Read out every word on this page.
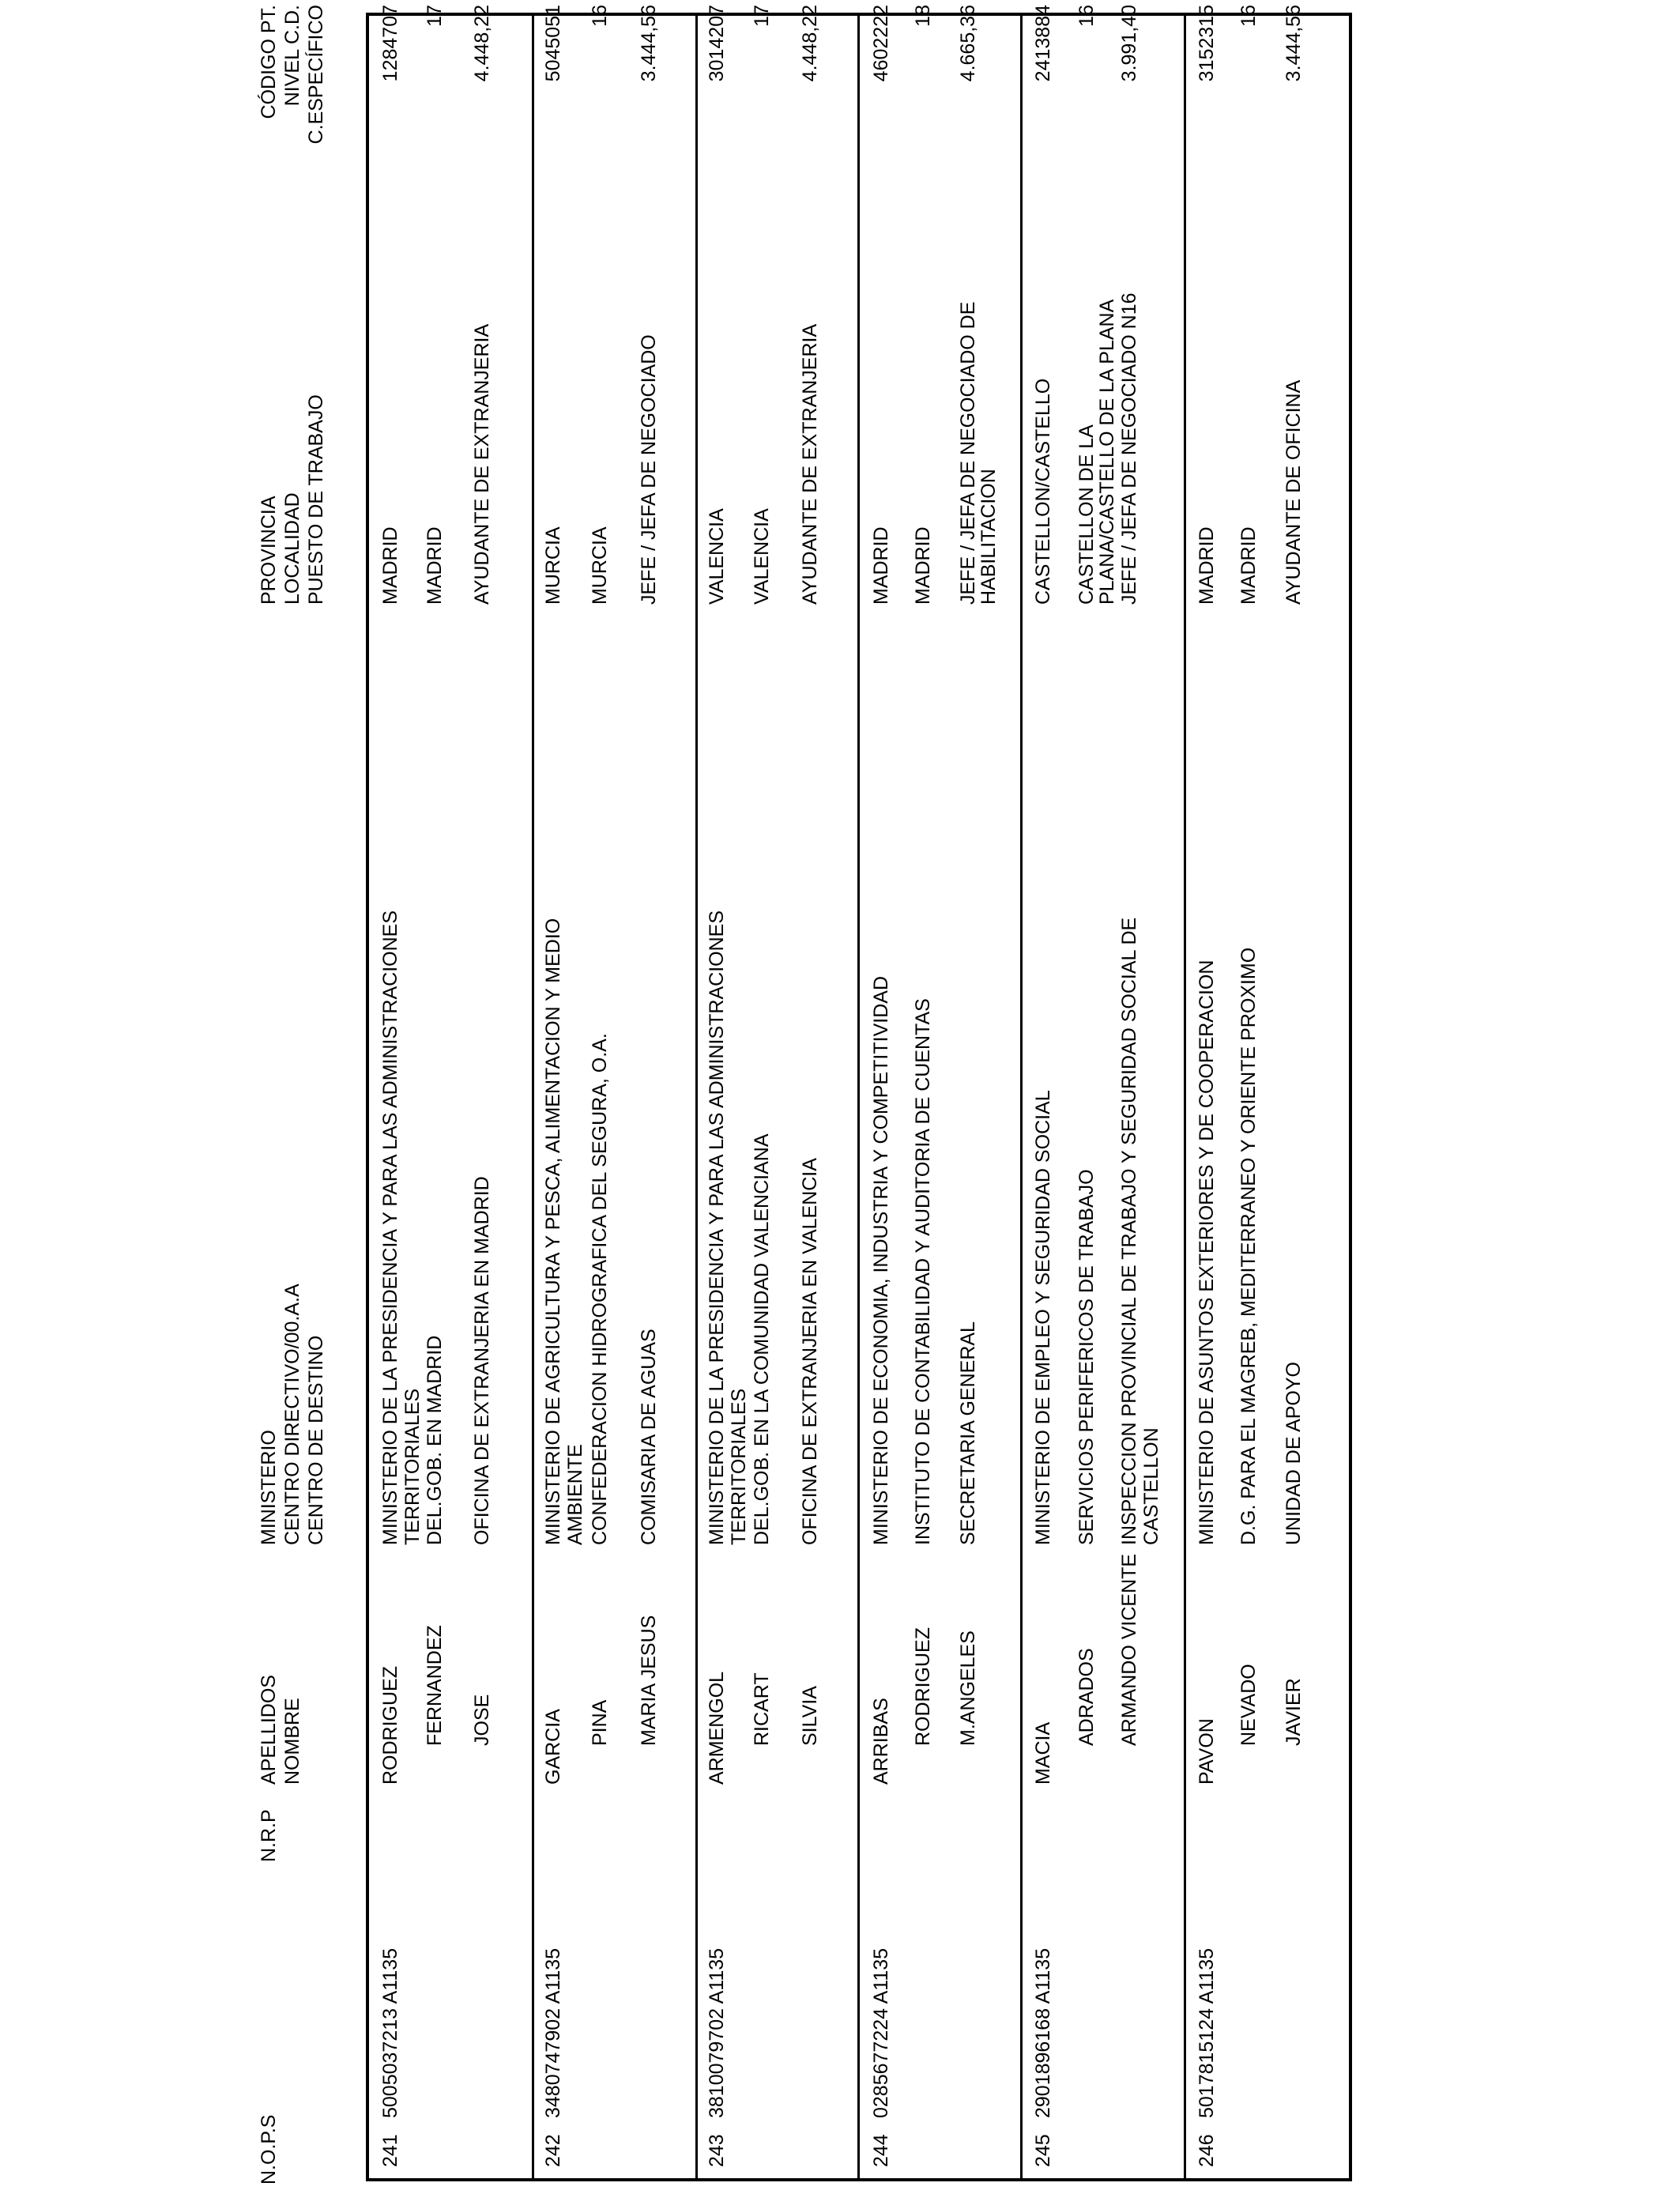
N.O.P.S
N.R.P
APELLIDOS NOMBRE
MINISTERIO CENTRO DIRECTIVO/00.A.A CENTRO DE DESTINO
PROVINCIA LOCALIDAD PUESTO DE TRABAJO
CÓDIGO PT. NIVEL C.D. C.ESPECÍFICO
241
5005037213 A1135
RODRIGUEZ FERNANDEZ JOSE
MINISTERIO DE LA PRESIDENCIA Y PARA LAS ADMINISTRACIONES TERRITORIALES DEL.GOB. EN MADRID OFICINA DE EXTRANJERIA EN MADRID
MADRID MADRID AYUDANTE DE EXTRANJERIA
1284707 17 4.448,22
242
3480747902 A1135
GARCIA PINA MARIA JESUS
MINISTERIO DE AGRICULTURA Y PESCA, ALIMENTACION Y MEDIO AMBIENTE CONFEDERACION HIDROGRAFICA DEL SEGURA, O.A. COMISARIA DE AGUAS
MURCIA MURCIA JEFE / JEFA DE NEGOCIADO
5045051 16 3.444,56
243
3810079702 A1135
ARMENGOL RICART SILVIA
MINISTERIO DE LA PRESIDENCIA Y PARA LAS ADMINISTRACIONES TERRITORIALES DEL.GOB. EN LA COMUNIDAD VALENCIANA OFICINA DE EXTRANJERIA EN VALENCIA
VALENCIA VALENCIA AYUDANTE DE EXTRANJERIA
3014207 17 4.448,22
244
0285677224 A1135
ARRIBAS RODRIGUEZ M.ANGELES
MINISTERIO DE ECONOMIA, INDUSTRIA Y COMPETITIVIDAD INSTITUTO DE CONTABILIDAD Y AUDITORIA DE CUENTAS SECRETARIA GENERAL
MADRID MADRID JEFE / JEFA DE NEGOCIADO DE
HABILITACION
4602222 18 4.665,36
245
2901896168 A1135
MACIA
ADRADOS ARMANDO VICENTE
MINISTERIO DE EMPLEO Y SEGURIDAD SOCIAL SERVICIOS PERIFERICOS DE TRABAJO INSPECCION PROVINCIAL DE TRABAJO Y SEGURIDAD SOCIAL DE CASTELLON
CASTELLON/CASTELLO CASTELLON DE LA
PLANA/CASTELLO DE LA PLANA JEFE / JEFA DE NEGOCIADO N16
2413884 16 3.991,40
246
5017815124 A1135
PAVON
NEVADO JAVIER
MINISTERIO DE ASUNTOS EXTERIORES Y DE COOPERACION D.G. PARA EL MAGREB, MEDITERRANEO Y ORIENTE PROXIMO UNIDAD DE APOYO
MADRID MADRID AYUDANTE DE OFICINA
3152315 16 3.444,56
